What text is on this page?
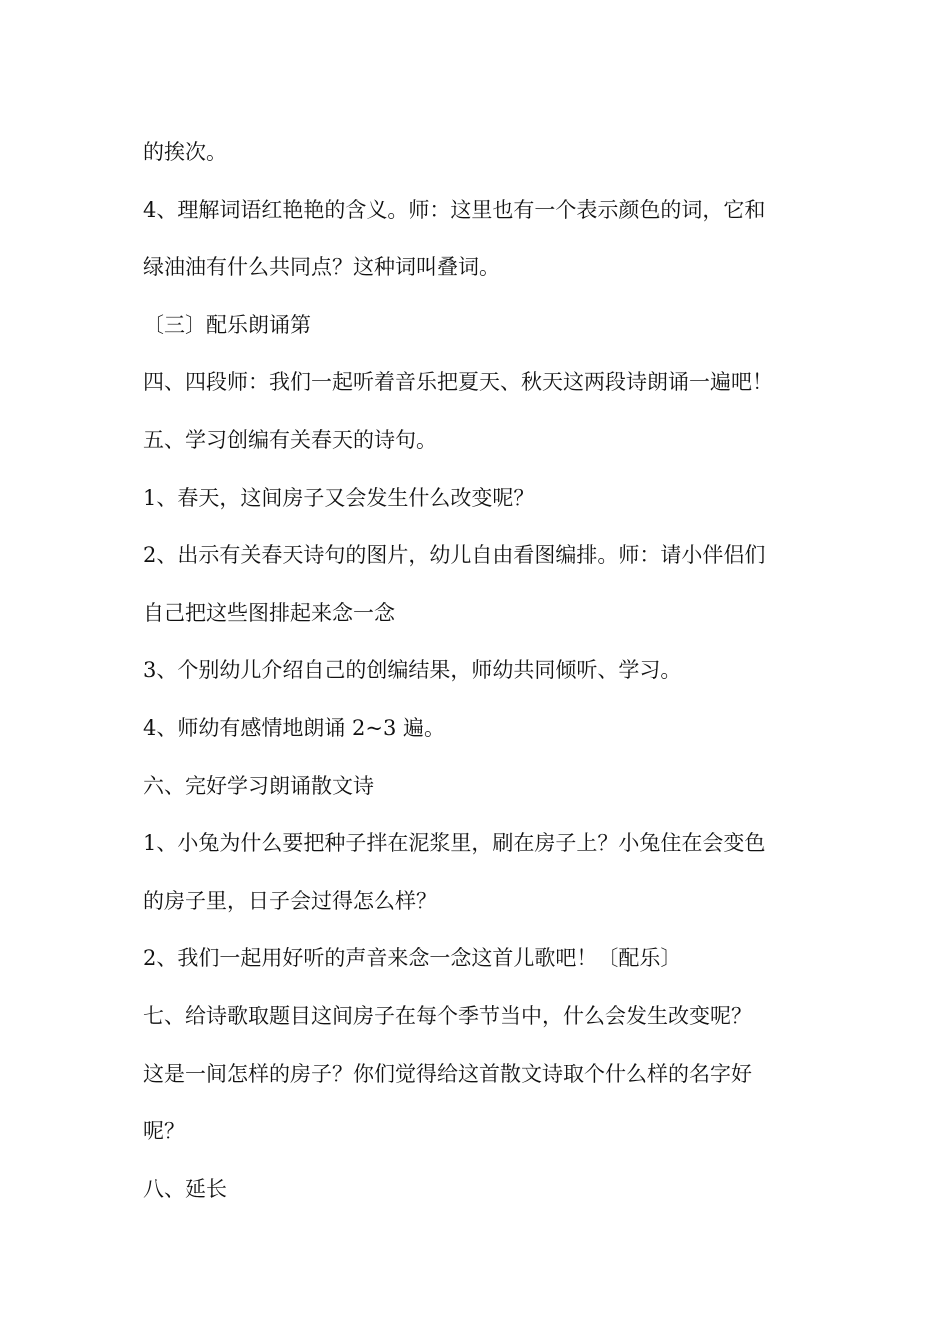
的挨次。

4、理解词语红艳艳的含义。师：这里也有一个表示颜色的词，它和

绿油油有什么共同点？这种词叫叠词。

〔三〕配乐朗诵第

四、四段师：我们一起听着音乐把夏天、秋天这两段诗朗诵一遍吧！

五、学习创编有关春天的诗句。

1、春天，这间房子又会发生什么改变呢？

2、出示有关春天诗句的图片，幼儿自由看图编排。师：请小伴侣们

自己把这些图排起来念一念

3、个别幼儿介绍自己的创编结果，师幼共同倾听、学习。

4、师幼有感情地朗诵 2~3 遍。

六、完好学习朗诵散文诗

1、小兔为什么要把种子拌在泥浆里，刷在房子上？小兔住在会变色

的房子里，日子会过得怎么样？

2、我们一起用好听的声音来念一念这首儿歌吧！〔配乐〕

七、给诗歌取题目这间房子在每个季节当中，什么会发生改变呢？

这是一间怎样的房子？你们觉得给这首散文诗取个什么样的名字好

呢？

八、延长
